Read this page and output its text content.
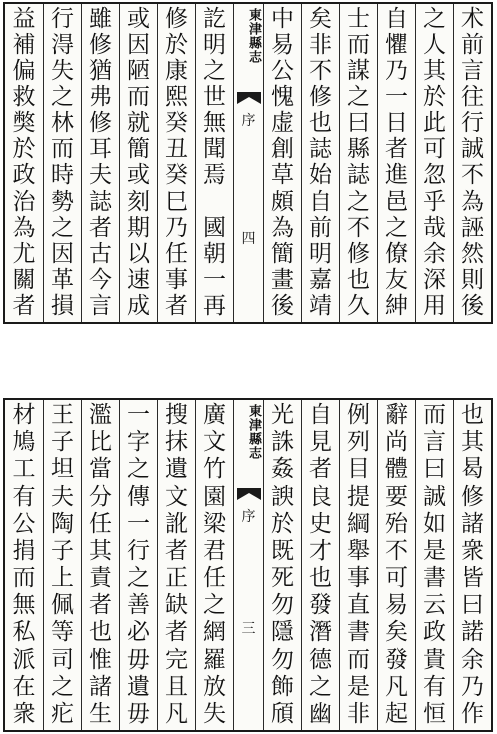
益
補
偏
救
獘
於
政
治
為
尤
關
者
行
淂
失
之
林
而
時
勢
之
因
革
損
雖
修
猶
弗
修
耳
夫
誌
者
古
今
言
或
因
陋
而
就
簡
或
刻
期
以
速
成
修
於
康
熙
癸
丑
癸
巳
乃
任
事
者
訖
明
之
世
無
聞
焉

國
朝
一
再
東津縣志
序
四
中
易
公
愧
虚
創
草
頗
為
簡
畫
後
矣
非
不
修
也
誌
始
自
前
明
嘉
靖
士
而
謀
之
曰
縣
誌
之
不
修
也
久
自
懼
乃
一
日
者
進
邑
之
僚
友
紳
之
人
其
於
此
可
忽
乎
哉
余
深
用
术
前
言
往
行
誠
不
為
誣
然
則
後
材
鳩
工
有
公
捐
而
無
私
派
在
衆
王
子
坦
夫
陶
子
上
佩
等
司
之
疕
濫
比
當
分
任
其
責
者
也
惟
諸
生
一
字
之
傳
一
行
之
善
必
毋
遺
毋
搜
抹
遺
文
訛
者
正
缺
者
完
且
凡
廣
文
竹
園
梁
君
任
之
網
羅
放
失
東津縣志
序
三
光
誅
姦
諛
於
既
死
勿
隱
勿
飾
頎
自
見
者
良
史
才
也
發
潛
德
之
幽
例
列
目
提
綱
舉
事
直
書
而
是
非
辭
尚
體
要
殆
不
可
易
矣
發
凡
起
而
言
曰
誠
如
是
書
云
政
貴
有
恒
也
其
曷
修
諸
衆
皆
曰
諾
余
乃
作
